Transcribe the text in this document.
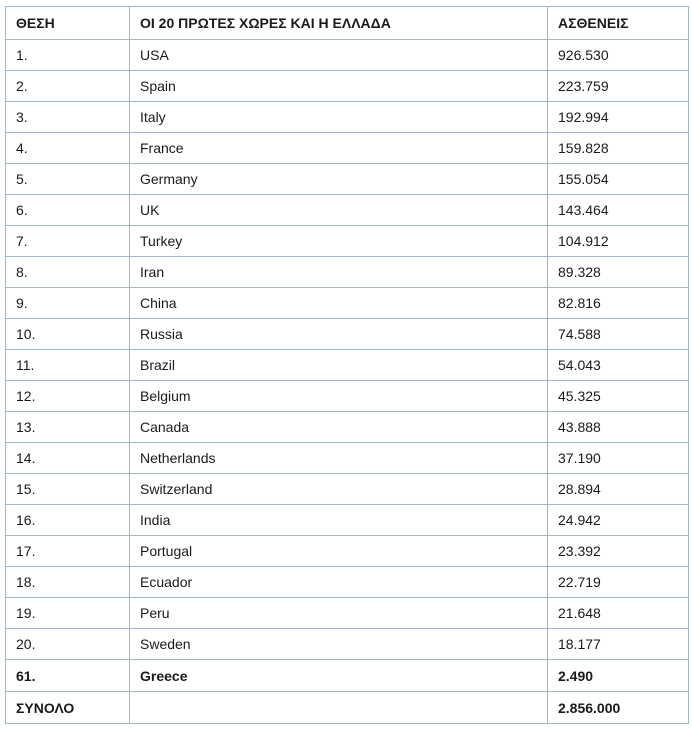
ΘΕΣΗ	ΟΙ 20 ΠΡΩΤΕΣ ΧΩΡΕΣ ΚΑΙ Η ΕΛΛΑΔΑ	ΑΣΘΕΝΕΙΣ
1.	USA	926.530
2.	Spain	223.759
3.	Italy	192.994
4.	France	159.828
5.	Germany	155.054
6.	UK	143.464
7.	Turkey	104.912
8.	Iran	89.328
9.	China	82.816
10.	Russia	74.588
11.	Brazil	54.043
12.	Belgium	45.325
13.	Canada	43.888
14.	Netherlands	37.190
15.	Switzerland	28.894
16.	India	24.942
17.	Portugal	23.392
18.	Ecuador	22.719
19.	Peru	21.648
20.	Sweden	18.177
61.	Greece	2.490
ΣΥΝΟΛΟ		2.856.000
